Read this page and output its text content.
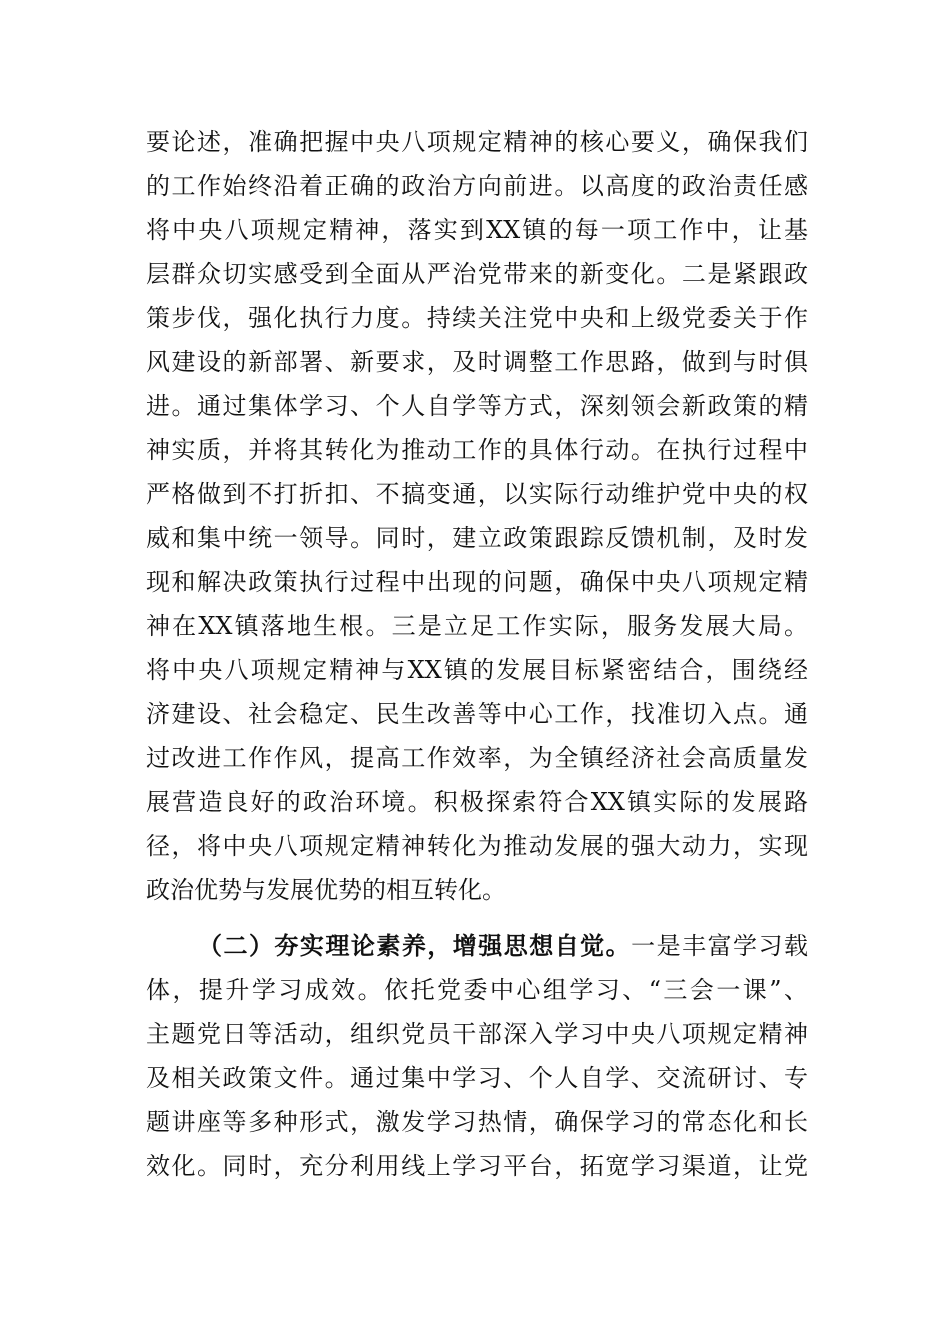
要论述，准确把握中央八项规定精神的核心要义，确保我们
的工作始终沿着正确的政治方向前进。以高度的政治责任感
将中央八项规定精神，落实到XX镇的每一项工作中，让基
层群众切实感受到全面从严治党带来的新变化。二是紧跟政
策步伐，强化执行力度。持续关注党中央和上级党委关于作
风建设的新部署、新要求，及时调整工作思路，做到与时俱
进。通过集体学习、个人自学等方式，深刻领会新政策的精
神实质，并将其转化为推动工作的具体行动。在执行过程中
严格做到不打折扣、不搞变通，以实际行动维护党中央的权
威和集中统一领导。同时，建立政策跟踪反馈机制，及时发
现和解决政策执行过程中出现的问题，确保中央八项规定精
神在XX镇落地生根。三是立足工作实际，服务发展大局。
将中央八项规定精神与XX镇的发展目标紧密结合，围绕经
济建设、社会稳定、民生改善等中心工作，找准切入点。通
过改进工作作风，提高工作效率，为全镇经济社会高质量发
展营造良好的政治环境。积极探索符合XX镇实际的发展路
径，将中央八项规定精神转化为推动发展的强大动力，实现
政治优势与发展优势的相互转化。
（二）夯实理论素养，增强思想自觉。一是丰富学习载
体，提升学习成效。依托党委中心组学习、“三会一课”、
主题党日等活动，组织党员干部深入学习中央八项规定精神
及相关政策文件。通过集中学习、个人自学、交流研讨、专
题讲座等多种形式，激发学习热情，确保学习的常态化和长
效化。同时，充分利用线上学习平台，拓宽学习渠道，让党
